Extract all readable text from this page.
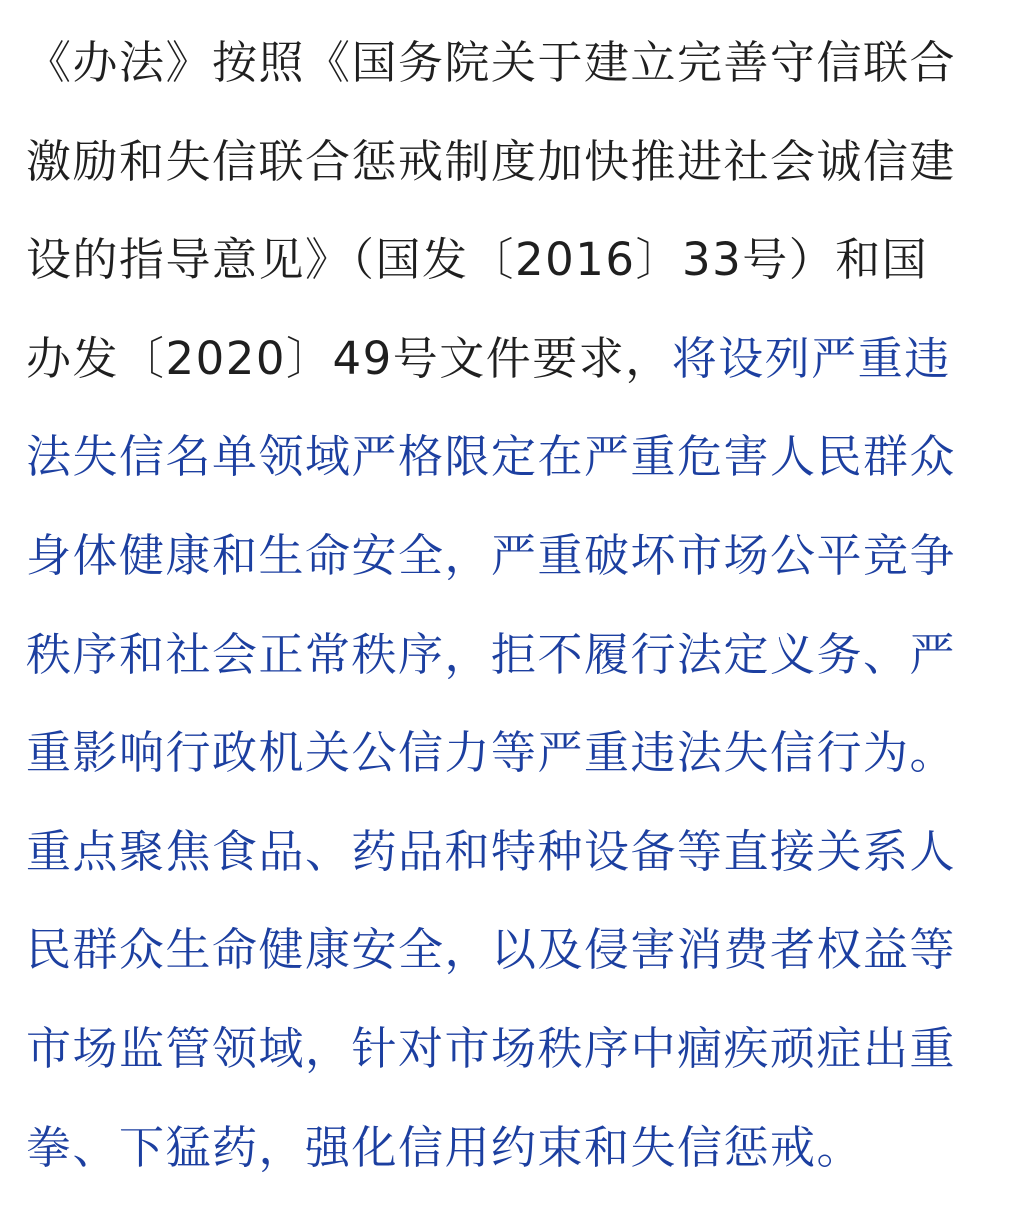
《办法》按照《国务院关于建立完善守信联合
激励和失信联合惩戒制度加快推进社会诚信建
设的指导意见》（国发〔2016〕33号）和国
办发〔2020〕49号文件要求，将设列严重违
法失信名单领域严格限定在严重危害人民群众
身体健康和生命安全，严重破坏市场公平竞争
秩序和社会正常秩序，拒不履行法定义务、严
重影响行政机关公信力等严重违法失信行为。
重点聚焦食品、药品和特种设备等直接关系人
民群众生命健康安全，以及侵害消费者权益等
市场监管领域，针对市场秩序中痼疾顽症出重
拳、下猛药，强化信用约束和失信惩戒。
